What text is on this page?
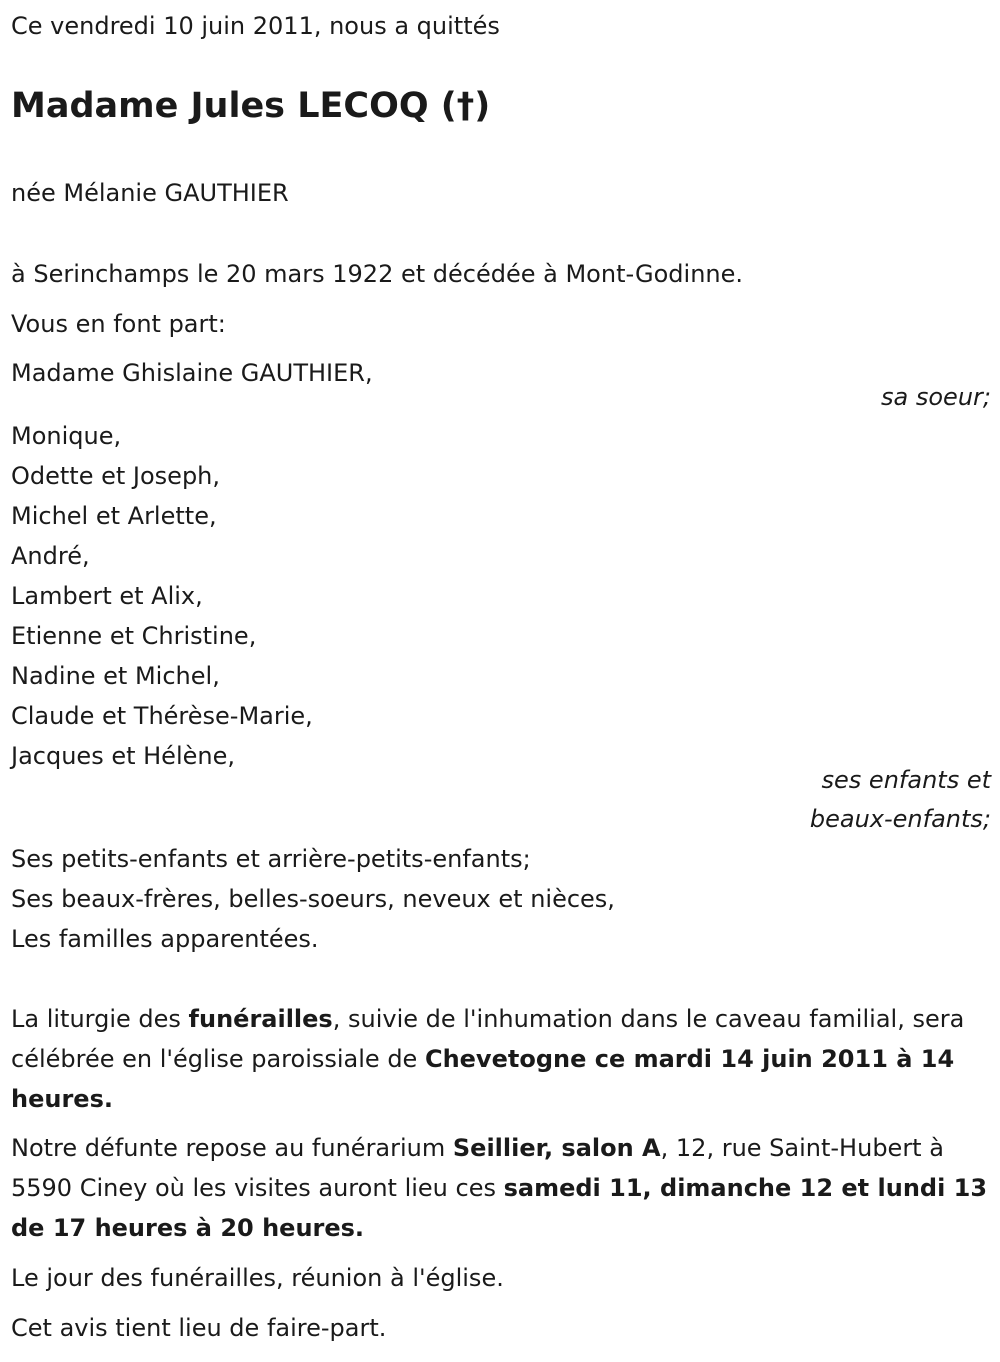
Ce vendredi 10 juin 2011, nous a quittés
Madame Jules LECOQ (†)
née Mélanie GAUTHIER
à Serinchamps le 20 mars 1922 et décédée à Mont-Godinne.
Vous en font part:
Madame Ghislaine GAUTHIER,
sa soeur;
Monique,
Odette et Joseph,
Michel et Arlette,
André,
Lambert et Alix,
Etienne et Christine,
Nadine et Michel,
Claude et Thérèse-Marie,
Jacques et Hélène,
ses enfants et
beaux-enfants;
Ses petits-enfants et arrière-petits-enfants;
Ses beaux-frères, belles-soeurs, neveux et nièces,
Les familles apparentées.
La liturgie des funérailles, suivie de l'inhumation dans le caveau familial, sera célébrée en l'église paroissiale de Chevetogne ce mardi 14 juin 2011 à 14 heures.
Notre défunte repose au funérarium Seillier, salon A, 12, rue Saint-Hubert à 5590 Ciney où les visites auront lieu ces samedi 11, dimanche 12 et lundi 13 de 17 heures à 20 heures.
Le jour des funérailles, réunion à l'église.
Cet avis tient lieu de faire-part.
